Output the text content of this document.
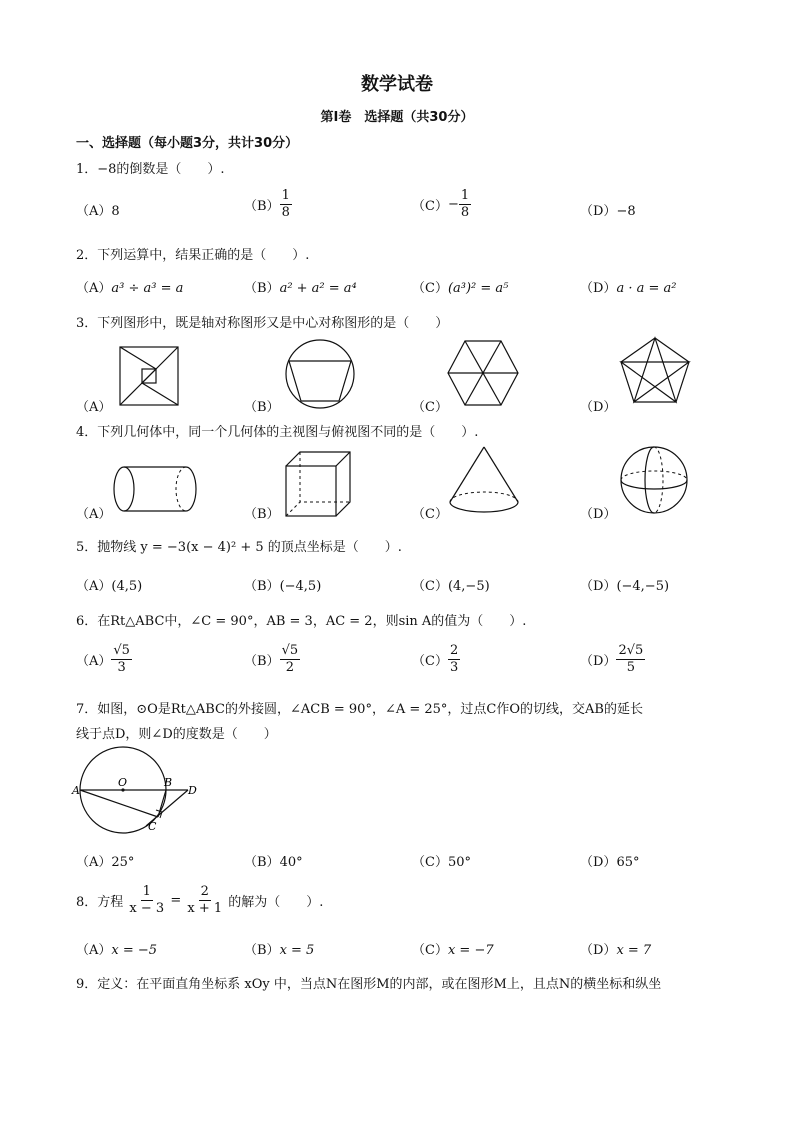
数学试卷
第I卷　选择题（共30分）
一、选择题（每小题3分，共计30分）
1．−8的倒数是（　　）.
（A）8	$(B) \frac{1}{8}$	$(C)- \frac{1}{8}$	（D）−8
2．下列运算中，结果正确的是（　　）.
（A）a³ ÷ a³ = a	（B）a² + a² = a⁴	（C）(a³)² = a⁵	（D）a · a = a²
3．下列图形中，既是轴对称图形又是中心对称图形的是（　　）
（A）	（B）	（C）	（D）
4．下列几何体中，同一个几何体的主视图与俯视图不同的是（　　）.
（A）	（B）	（C）	（D）
5．抛物线 y = −3(x − 4)² + 5 的顶点坐标是（　　）.
（A）(4,5)	（B）(−4,5)	（C）(4,−5)	（D）(−4,−5)
6．在Rt△ABC中，∠C = 90°，AB = 3，AC = 2，则sin A的值为（　　）.
$(A) \frac{√5}{3}$	$(B) \frac{√5}{2}$	$(C) \frac{2}{3}$	$(D) \frac{2√5}{5}$
7．如图，⊙O是Rt△ABC的外接圆，∠ACB = 90°，∠A = 25°，过点C作O的切线，交AB的延长
线于点D，则∠D的度数是（　　）
A
O	B
D
C
（A）25°	（B）40°	（C）50°	（D）65°
8．方程 $\frac{1}{x - 3} = \frac{2}{x + 1}$ 的解为（　　）.
（A）x = −5	（B）x = 5	（C）x = −7	（D）x = 7
9．定义：在平面直角坐标系 xOy 中，当点N在图形M的内部，或在图形M上，且点N的横坐标和纵坐
